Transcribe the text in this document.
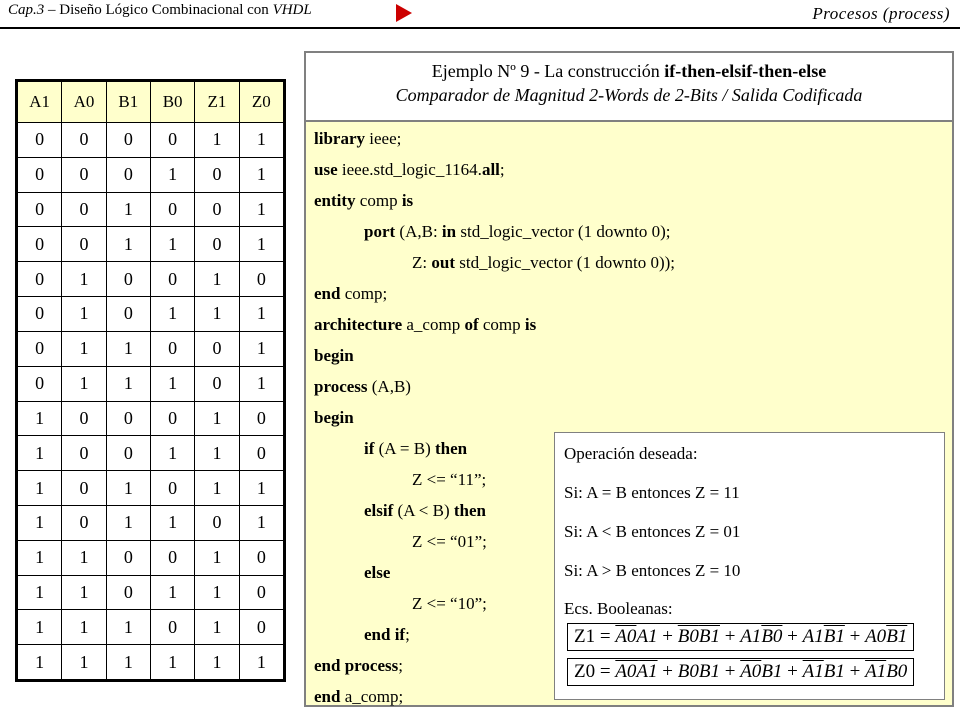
Cap.3 – Diseño Lógico Combinacional con VHDL	Procesos (process)
A1	A0	B1	B0	Z1	Z0
0	0	0	0	1	1
0	0	0	1	0	1
0	0	1	0	0	1
0	0	1	1	0	1
0	1	0	0	1	0
0	1	0	1	1	1
0	1	1	0	0	1
0	1	1	1	0	1
1	0	0	0	1	0
1	0	0	1	1	0
1	0	1	0	1	1
1	0	1	1	0	1
1	1	0	0	1	0
1	1	0	1	1	0
1	1	1	0	1	0
1	1	1	1	1	1
Ejemplo Nº 9 - La construcción if-then-elsif-then-else
Comparador de Magnitud 2-Words de 2-Bits / Salida Codificada
library ieee;
use ieee.std_logic_1164.all;
entity comp is
port (A,B: in std_logic_vector (1 downto 0);
Z: out std_logic_vector (1 downto 0));
end comp;
architecture a_comp of comp is
begin
process (A,B)
begin
if (A = B) then
Z <= “11”;
elsif (A < B) then
Z <= “01”;
else
Z <= “10”;
end if;
end process;
end a_comp;
Operación deseada:
Si: A = B entonces Z = 11
Si: A < B entonces Z = 01
Si: A > B entonces Z = 10
Ecs. Booleanas:
Z1 = A0A1 + B0B1 + A1B0 + A1B1 + A0B1
Z0 = A0A1 + B0B1 + A0B1 + A1B1 + A1B0
